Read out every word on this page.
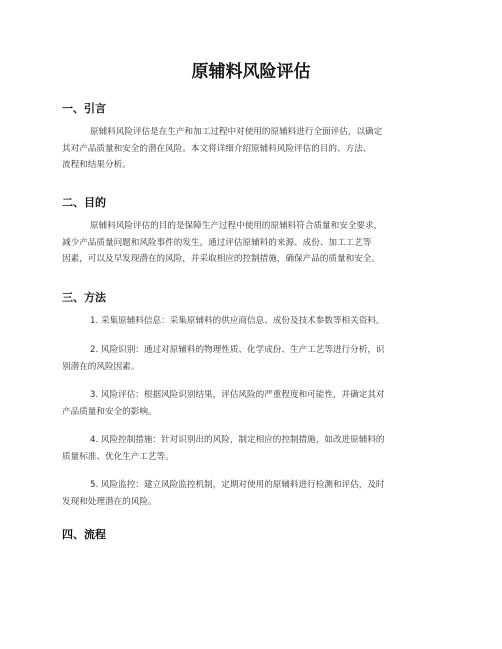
原辅料风险评估
一、引言
原辅料风险评估是在生产和加工过程中对使用的原辅料进行全面评估，以确定
其对产品质量和安全的潜在风险。本文将详细介绍原辅料风险评估的目的、方法、
流程和结果分析。
二、目的
原辅料风险评估的目的是保障生产过程中使用的原辅料符合质量和安全要求，
减少产品质量问题和风险事件的发生。通过评估原辅料的来源、成份、加工工艺等
因素，可以及早发现潜在的风险，并采取相应的控制措施，确保产品的质量和安全。
三、方法
1. 采集原辅料信息：采集原辅料的供应商信息、成份及技术参数等相关资料。
2. 风险识别：通过对原辅料的物理性质、化学成份、生产工艺等进行分析，识
别潜在的风险因素。
3. 风险评估：根据风险识别结果，评估风险的严重程度和可能性，并确定其对
产品质量和安全的影响。
4. 风险控制措施：针对识别出的风险，制定相应的控制措施，如改进原辅料的
质量标准、优化生产工艺等。
5. 风险监控：建立风险监控机制，定期对使用的原辅料进行检测和评估，及时
发现和处理潜在的风险。
四、流程
